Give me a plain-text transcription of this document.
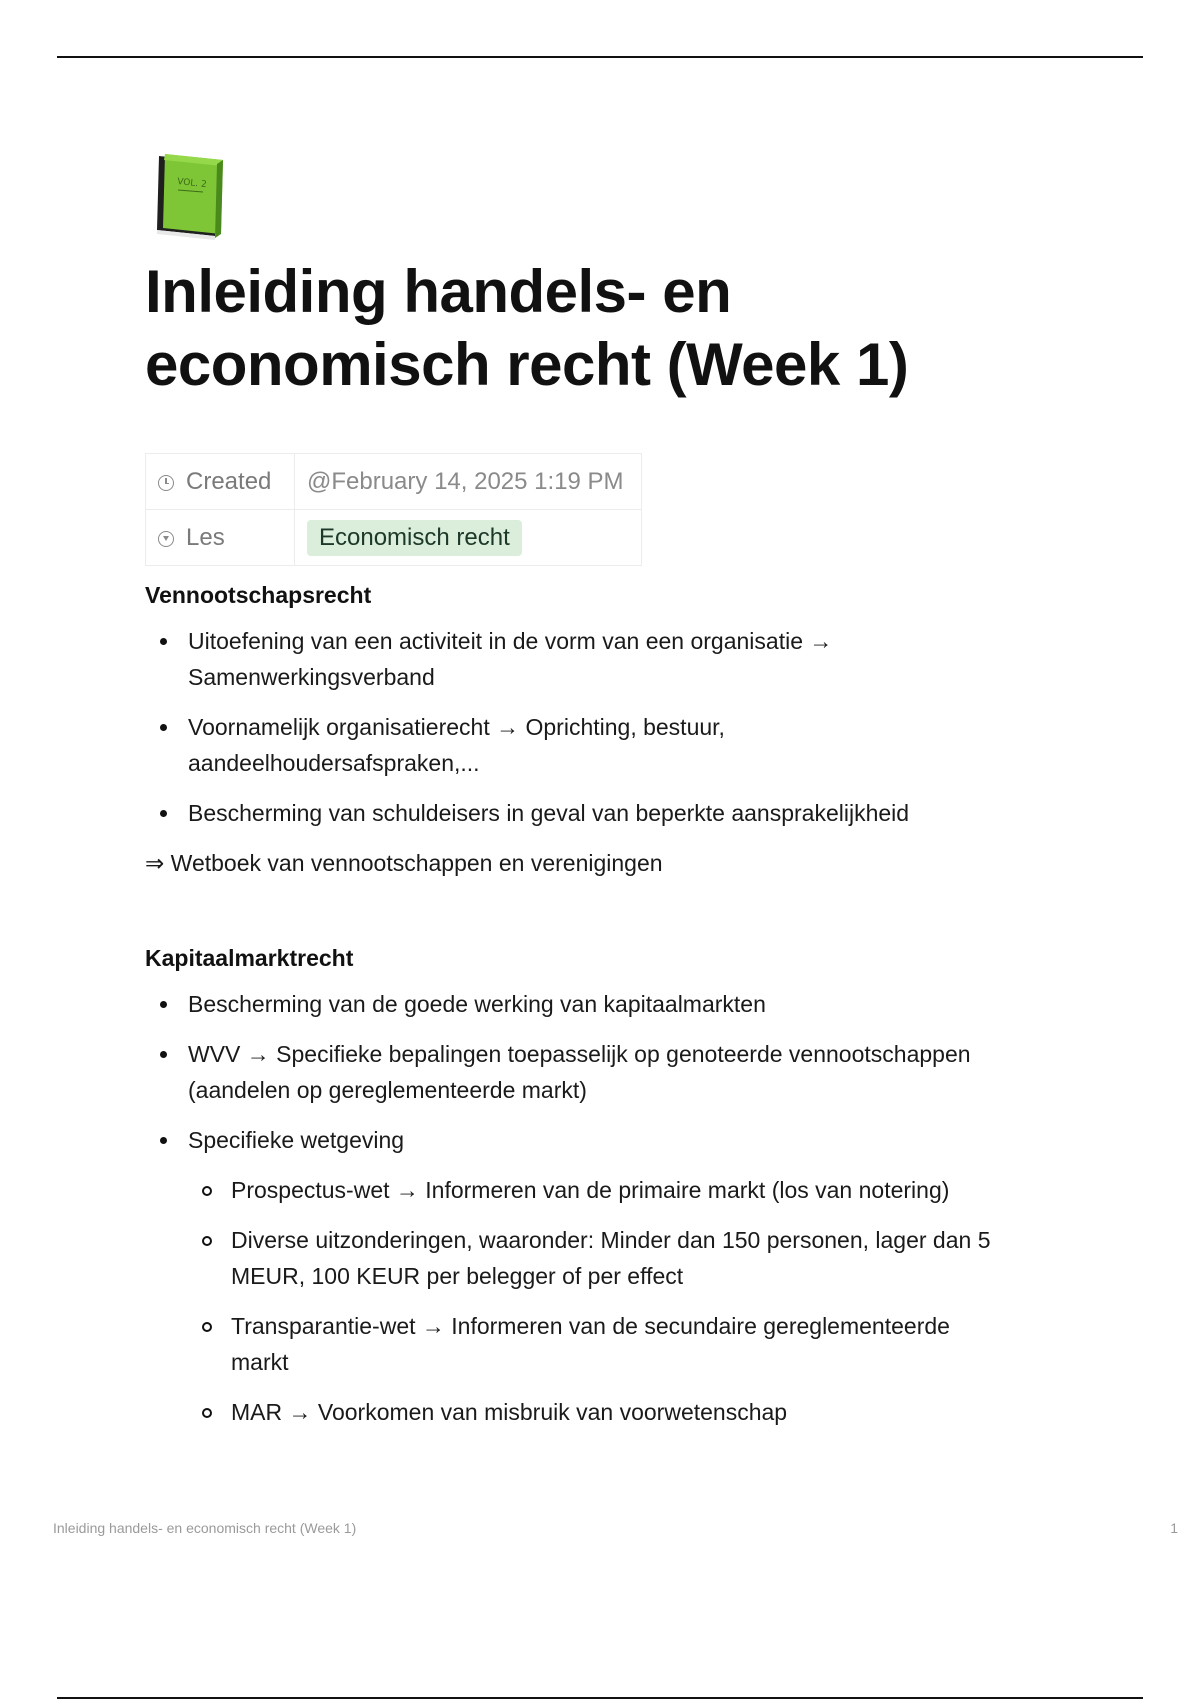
VOL. 2
Inleiding handels- en
economisch recht (Week 1)
Created	@February 14, 2025 1:19 PM
Les	Economisch recht
Vennootschapsrecht
Uitoefening van een activiteit in de vorm van een organisatie →
Samenwerkingsverband
Voornamelijk organisatierecht → Oprichting, bestuur,
aandeelhoudersafspraken,...
Bescherming van schuldeisers in geval van beperkte aansprakelijkheid
⇒ Wetboek van vennootschappen en verenigingen
Kapitaalmarktrecht
Bescherming van de goede werking van kapitaalmarkten
WVV → Specifieke bepalingen toepasselijk op genoteerde vennootschappen
(aandelen op gereglementeerde markt)
Specifieke wetgeving
Prospectus-wet → Informeren van de primaire markt (los van notering)
Diverse uitzonderingen, waaronder: Minder dan 150 personen, lager dan 5
MEUR, 100 KEUR per belegger of per effect
Transparantie-wet → Informeren van de secundaire gereglementeerde
markt
MAR → Voorkomen van misbruik van voorwetenschap
Inleiding handels- en economisch recht (Week 1)	1
